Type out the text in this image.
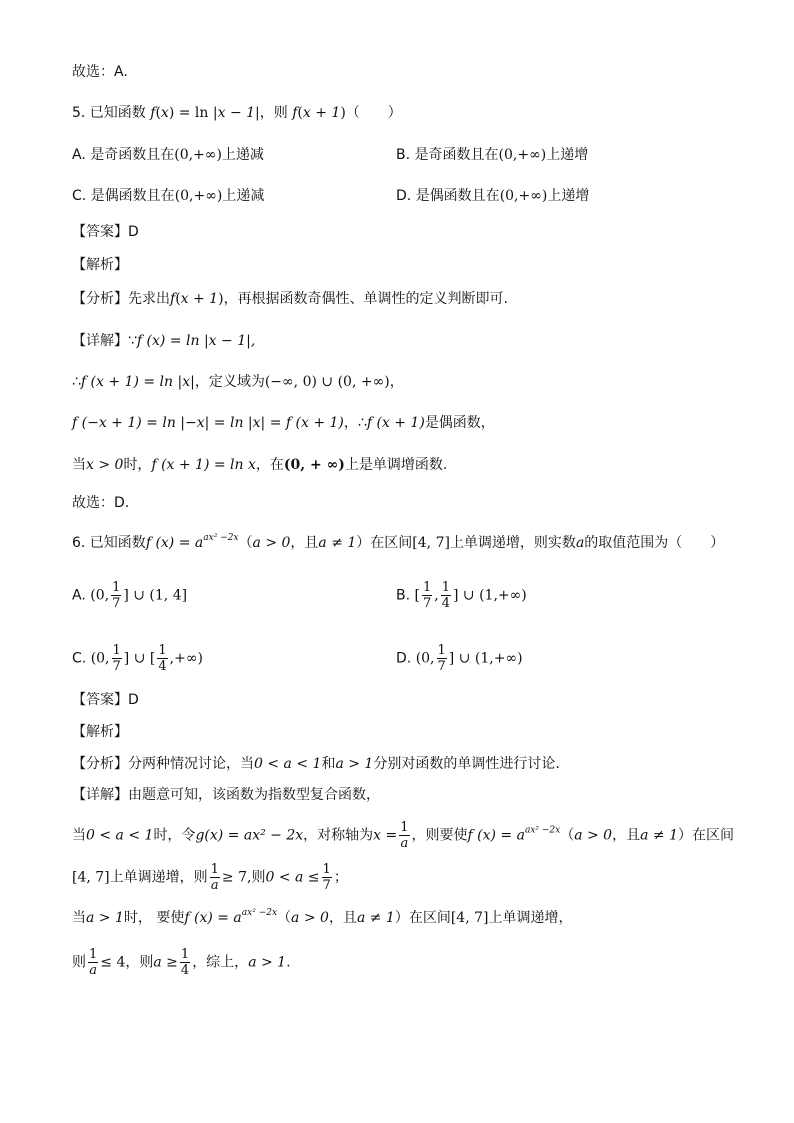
故选：A.
5. 已知函数 f(x) = ln |x − 1|，则 f(x + 1)（　　）
A. 是奇函数且在(0,+∞)上递减	B. 是奇函数且在(0,+∞)上递增
C. 是偶函数且在(0,+∞)上递减	D. 是偶函数且在(0,+∞)上递增
【答案】D
【解析】
【分析】先求出f(x + 1)，再根据函数奇偶性、单调性的定义判断即可.
【详解】∵f (x) = ln |x − 1|,
∴f (x + 1) = ln |x|，定义域为(−∞, 0) ∪ (0, +∞)，
f (−x + 1) = ln |−x| = ln |x| = f (x + 1)，∴f (x + 1)是偶函数，
当x > 0时，f (x + 1) = ln x，在(0, + ∞)上是单调增函数.
故选：D.
6. 已知函数f $(x) = a^{ax^2 -2x}(a > 0$，且a ≠ 1）在区间[4, 7]上单调递增，则实数a的取值范围为（　　）
A. (0, $\frac{1}{7}$ ] ∪ (1, 4]	B. [ $\frac{1}{7}$ , $\frac{1}{4}$ ] ∪ (1,+∞)
C. (0, $\frac{1}{7}$ ] ∪ [ $\frac{1}{4}$ ,+∞)	D. (0, $\frac{1}{7}$ ] ∪ (1,+∞)
【答案】D
【解析】
【分析】分两种情况讨论，当0 < a < 1和a > 1分别对函数的单调性进行讨论.
【详解】由题意可知，该函数为指数型复合函数，
当0 < a < 1时，令g(x) = ax² − 2x，对称轴为$x = \frac{1}{a}$ ，则要使f $(x) = a^{ax^2 -2x}(a > 0$，且a ≠ 1）在区间
[4, 7]上单调递增，则 $\frac{1}{a} \ge 7$,则$0 < a \le \frac{1}{7}$ ；
当a > 1时， 要使f $(x) = a^{ax^2 -2x}(a > 0$，且a ≠ 1）在区间[4, 7]上单调递增，
则 $\frac{1}{a} \le 4$，则$a \ge \frac{1}{4}$ ，综上，a > 1.
